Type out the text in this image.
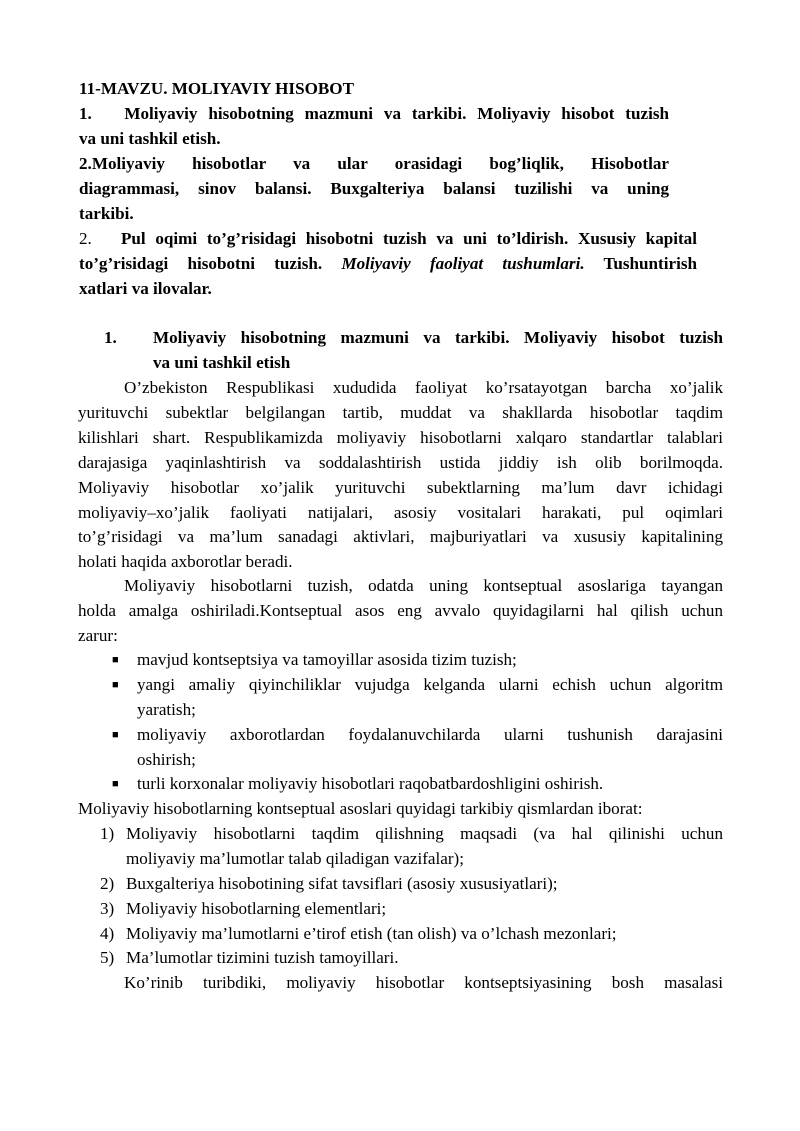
11-MAVZU. MOLIYAVIY HISOBOT
1. Moliyaviy hisobotning mazmuni va tarkibi. Moliyaviy hisobot tuzish
va uni tashkil etish.
2.Moliyaviy hisobotlar va ular orasidagi bog’liqlik, Hisobotlar
diagrammasi, sinov balansi. Buxgalteriya balansi tuzilishi va uning
tarkibi.
2. Pul oqimi to’g’risidagi hisobotni tuzish va uni to’ldirish. Xususiy kapital
to’g’risidagi hisobotni tuzish. Moliyaviy faoliyat tushumlari. Tushuntirish
xatlari va ilovalar.
1. Moliyaviy hisobotning mazmuni va tarkibi. Moliyaviy hisobot tuzish
va uni tashkil etish
O’zbekiston Respublikasi xududida faoliyat ko’rsatayotgan barcha xo’jalik
yurituvchi subektlar belgilangan tartib, muddat va shakllarda hisobotlar taqdim
kilishlari shart. Respublikamizda moliyaviy hisobotlarni xalqaro standartlar talablari
darajasiga yaqinlashtirish va soddalashtirish ustida jiddiy ish olib borilmoqda.
Moliyaviy hisobotlar xo’jalik yurituvchi subektlarning ma’lum davr ichidagi
moliyaviy–xo’jalik faoliyati natijalari, asosiy vositalari harakati, pul oqimlari
to’g’risidagi va ma’lum sanadagi aktivlari, majburiyatlari va xususiy kapitalining
holati haqida axborotlar beradi.
Moliyaviy hisobotlarni tuzish, odatda uning kontseptual asoslariga tayangan
holda amalga oshiriladi.Kontseptual asos eng avvalo quyidagilarni hal qilish uchun
zarur:
■ mavjud kontseptsiya va tamoyillar asosida tizim tuzish;
■ yangi amaliy qiyinchiliklar vujudga kelganda ularni echish uchun algoritm
yaratish;
■ moliyaviy axborotlardan foydalanuvchilarda ularni tushunish darajasini
oshirish;
■ turli korxonalar moliyaviy hisobotlari raqobatbardoshligini oshirish.
Moliyaviy hisobotlarning kontseptual asoslari quyidagi tarkibiy qismlardan iborat:
1) Moliyaviy hisobotlarni taqdim qilishning maqsadi (va hal qilinishi uchun
moliyaviy ma’lumotlar talab qiladigan vazifalar);
2) Buxgalteriya hisobotining sifat tavsiflari (asosiy xususiyatlari);
3) Moliyaviy hisobotlarning elementlari;
4) Moliyaviy ma’lumotlarni e’tirof etish (tan olish) va o’lchash mezonlari;
5) Ma’lumotlar tizimini tuzish tamoyillari.
Ko’rinib turibdiki, moliyaviy hisobotlar kontseptsiyasining bosh masalasi
